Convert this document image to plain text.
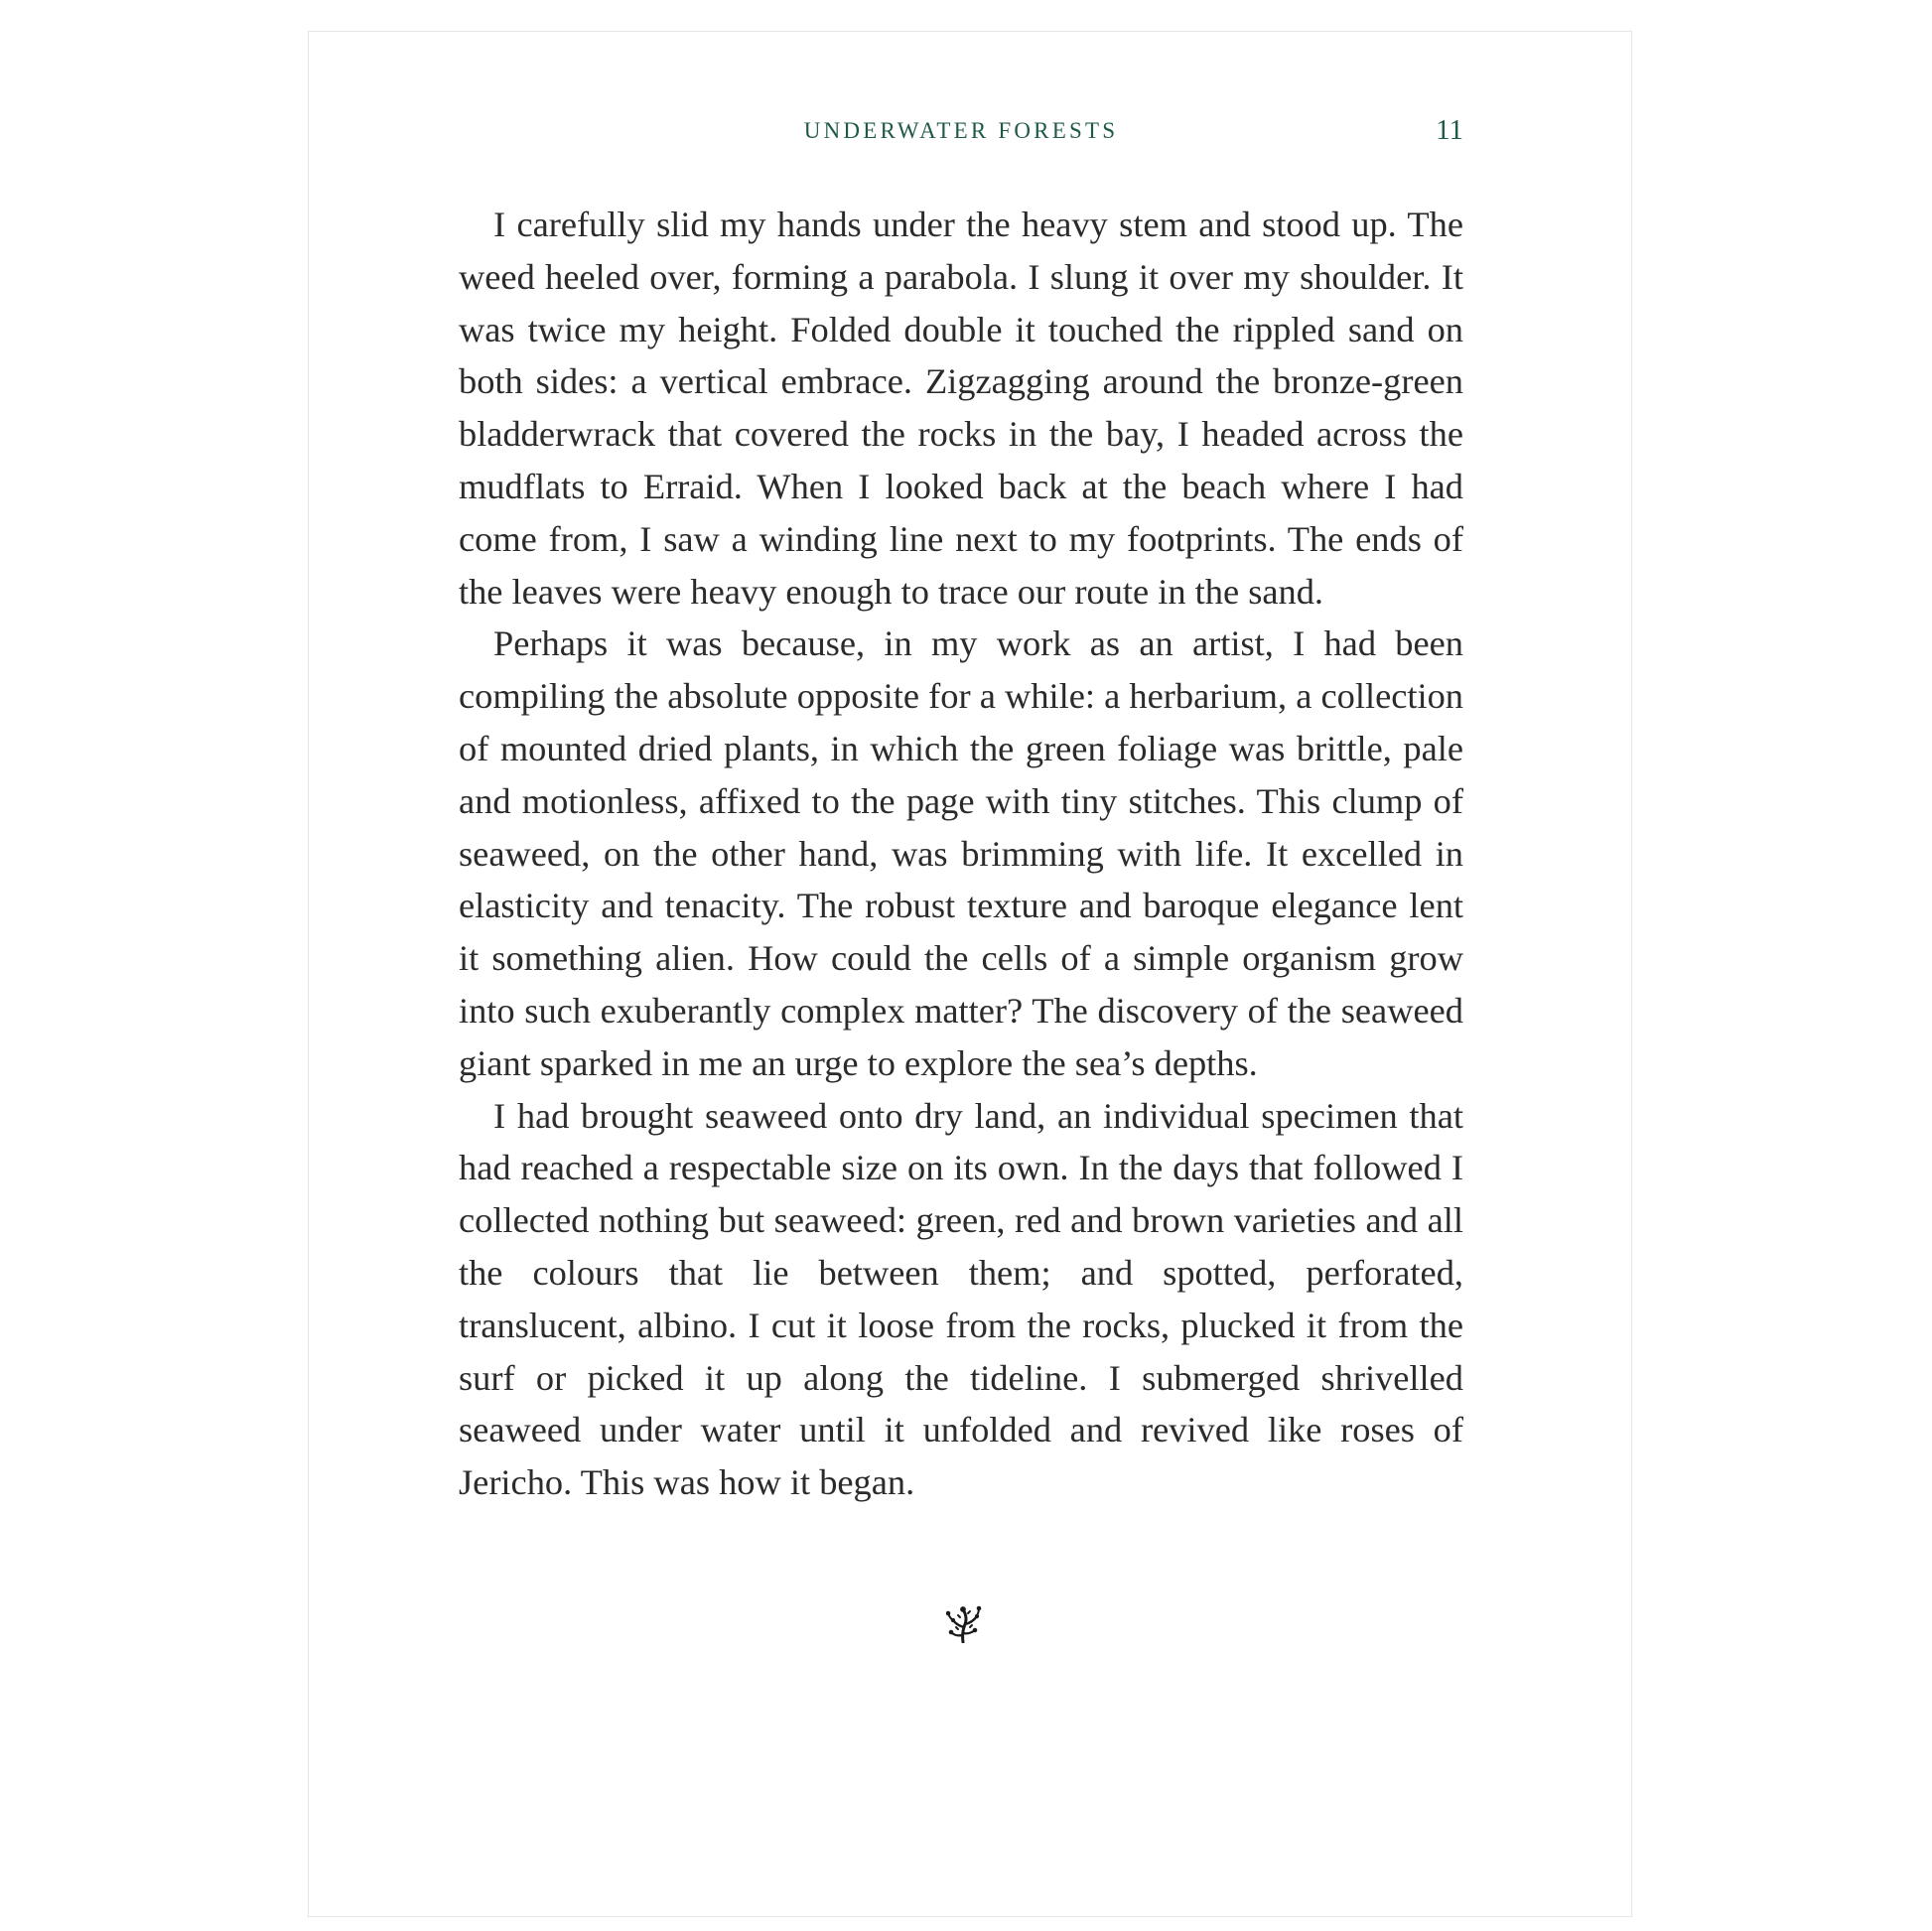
UNDERWATER FORESTS	11

I carefully slid my hands under the heavy stem and stood up. The weed heeled over, forming a parabola. I slung it over my shoulder. It was twice my height. Folded double it touched the rippled sand on both sides: a vertical embrace. Zigzagging around the bronze-green bladderwrack that covered the rocks in the bay, I headed across the mudflats to Erraid. When I looked back at the beach where I had come from, I saw a winding line next to my footprints. The ends of the leaves were heavy enough to trace our route in the sand.

Perhaps it was because, in my work as an artist, I had been compiling the absolute opposite for a while: a herbarium, a collection of mounted dried plants, in which the green foliage was brittle, pale and motionless, affixed to the page with tiny stitches. This clump of seaweed, on the other hand, was brimming with life. It excelled in elasticity and tenacity. The robust texture and baroque elegance lent it something alien. How could the cells of a simple organism grow into such exuberantly complex matter? The discovery of the seaweed giant sparked in me an urge to explore the sea’s depths.

I had brought seaweed onto dry land, an individual specimen that had reached a respectable size on its own. In the days that followed I collected nothing but seaweed: green, red and brown varieties and all the colours that lie between them; and spotted, perforated, translucent, albino. I cut it loose from the rocks, plucked it from the surf or picked it up along the tideline. I submerged shrivelled seaweed under water until it unfolded and revived like roses of Jericho. This was how it began.
